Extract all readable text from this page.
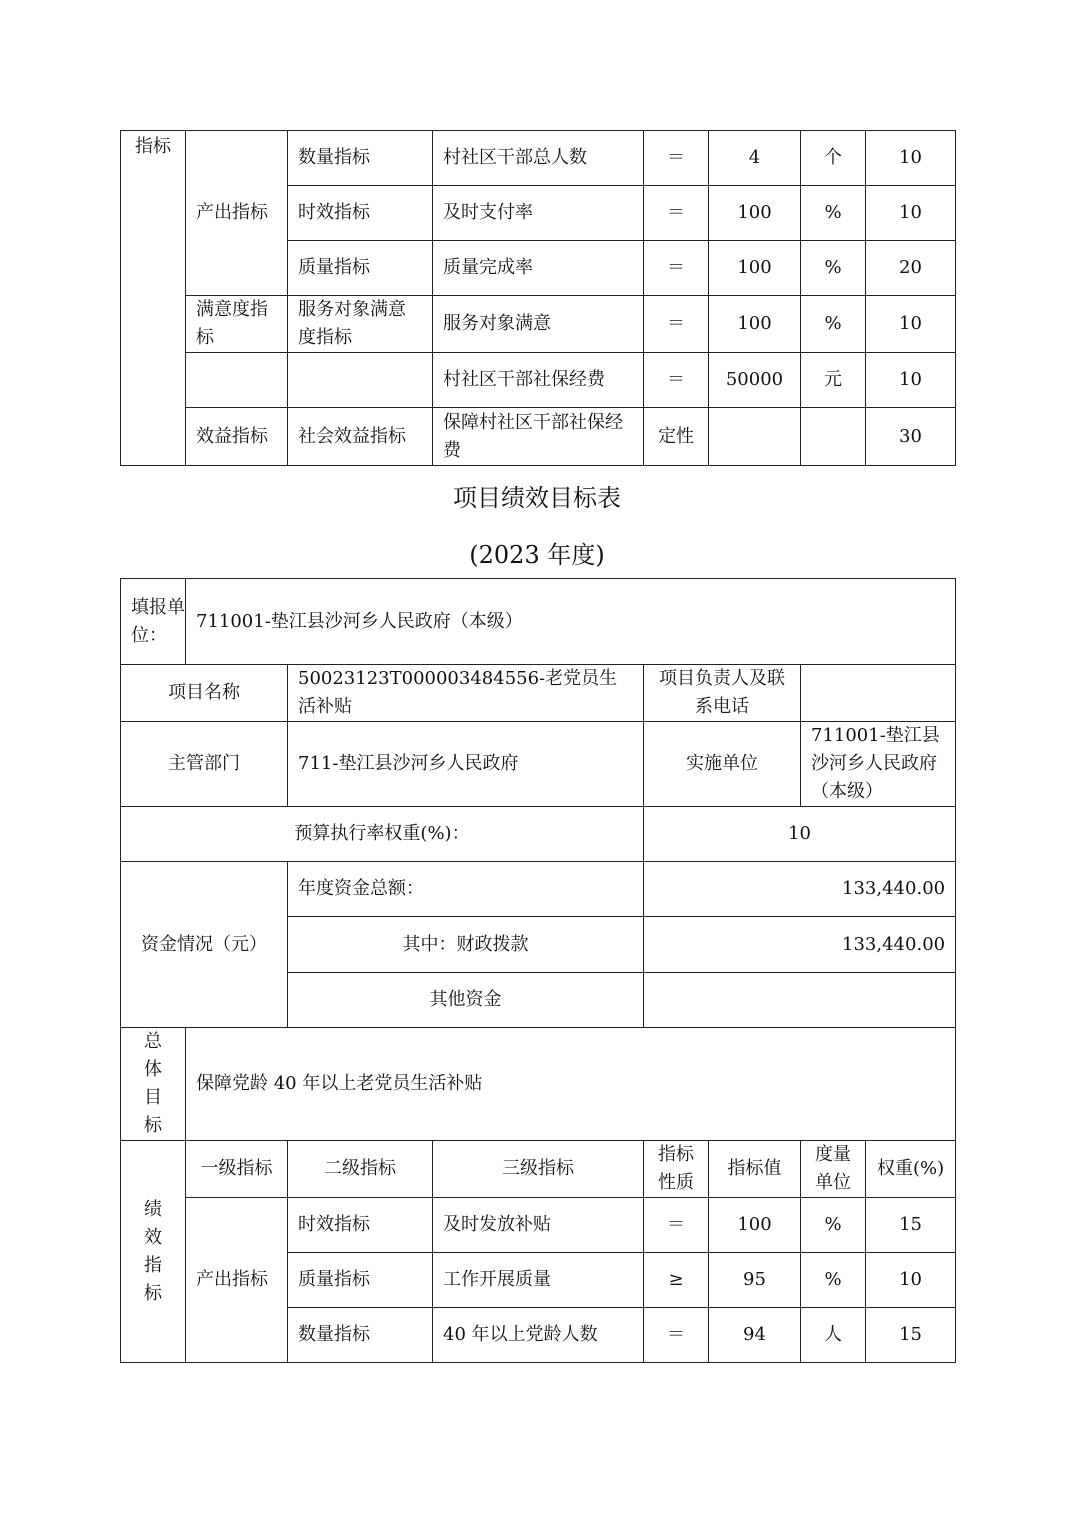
指标	产出指标	数量指标	村社区干部总人数	＝	4	个	10
		时效指标	及时支付率	＝	100	%	10
		质量指标	质量完成率	＝	100	%	20
	满意度指标	服务对象满意度指标	服务对象满意	＝	100	%	10
			村社区干部社保经费	＝	50000	元	10
	效益指标	社会效益指标	保障村社区干部社保经费	定性			30
项目绩效目标表
(2023 年度)
填报单位：	711001-垫江县沙河乡人民政府（本级）						
项目名称		50023123T000003484556-老党员生活补贴		项目负责人及联系电话			
主管部门		711-垫江县沙河乡人民政府		实施单位		711001-垫江县沙河乡人民政府（本级）	
预算执行率权重(%)：				10			
资金情况（元）		年度资金总额：		133,440.00			
		其中：财政拨款		133,440.00			
		其他资金					
总体目标	保障党龄 40 年以上老党员生活补贴						
绩效指标	一级指标	二级指标	三级指标	指标性质	指标值	度量单位	权重(%)
	产出指标	时效指标	及时发放补贴	＝	100	%	15
		质量指标	工作开展质量	≥	95	%	10
		数量指标	40 年以上党龄人数	＝	94	人	15
